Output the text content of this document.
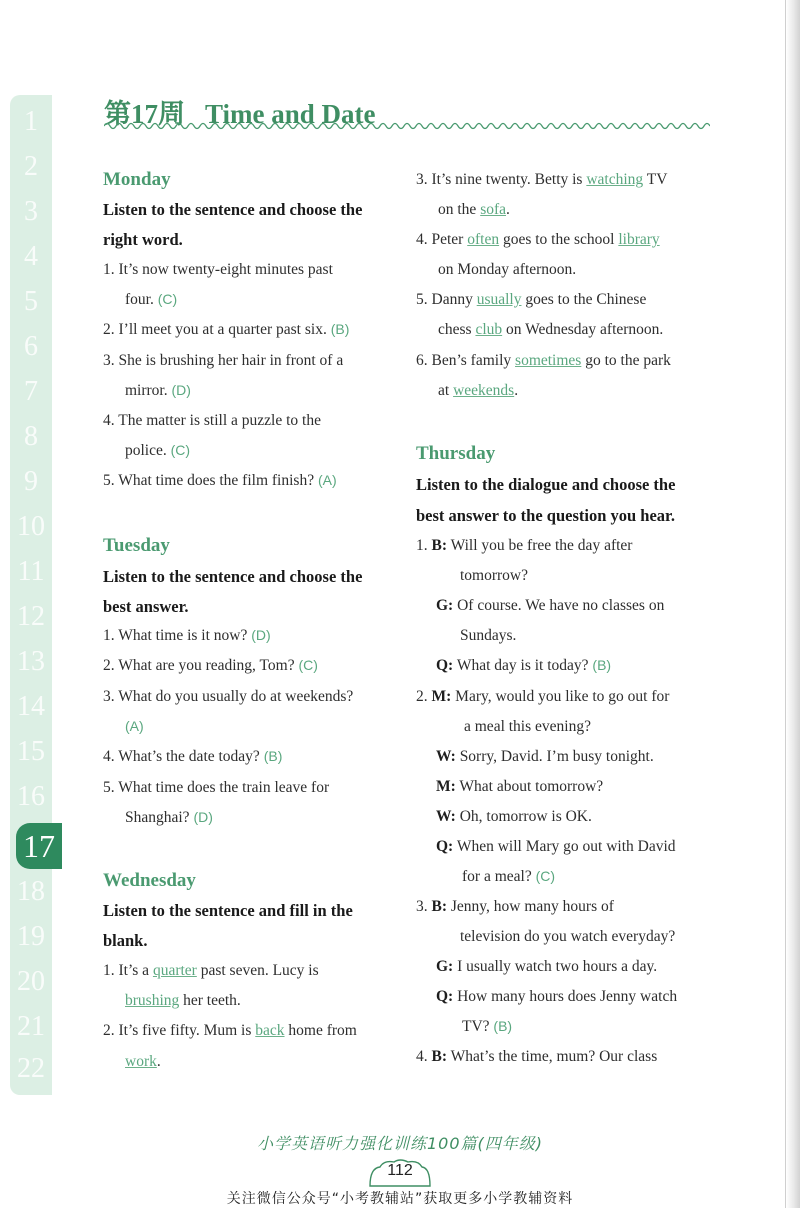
1
2
3
4
5
6
7
8
9
10
11
12
13
14
15
16
17
18
19
20
21
22
第17周 Time and Date
Monday
Listen to the sentence and choose the
right word.
1. It’s now twenty-eight minutes past
four. (C)
2. I’ll meet you at a quarter past six. (B)
3. She is brushing her hair in front of a
mirror. (D)
4. The matter is still a puzzle to the
police. (C)
5. What time does the film finish? (A)
Tuesday
Listen to the sentence and choose the
best answer.
1. What time is it now? (D)
2. What are you reading, Tom? (C)
3. What do you usually do at weekends?
(A)
4. What’s the date today? (B)
5. What time does the train leave for
Shanghai? (D)
Wednesday
Listen to the sentence and fill in the
blank.
1. It’s a quarter past seven. Lucy is
brushing her teeth.
2. It’s five fifty. Mum is back home from
work.
3. It’s nine twenty. Betty is watching TV
on the sofa.
4. Peter often goes to the school library
on Monday afternoon.
5. Danny usually goes to the Chinese
chess club on Wednesday afternoon.
6. Ben’s family sometimes go to the park
at weekends.
Thursday
Listen to the dialogue and choose the
best answer to the question you hear.
1. B: Will you be free the day after
tomorrow?
G: Of course. We have no classes on
Sundays.
Q: What day is it today? (B)
2. M: Mary, would you like to go out for
a meal this evening?
W: Sorry, David. I’m busy tonight.
M: What about tomorrow?
W: Oh, tomorrow is OK.
Q: When will Mary go out with David
for a meal? (C)
3. B: Jenny, how many hours of
television do you watch everyday?
G: I usually watch two hours a day.
Q: How many hours does Jenny watch
TV? (B)
4. B: What’s the time, mum? Our class
小学英语听力强化训练100篇(四年级)
112
关注微信公众号“小考教辅站”获取更多小学教辅资料
